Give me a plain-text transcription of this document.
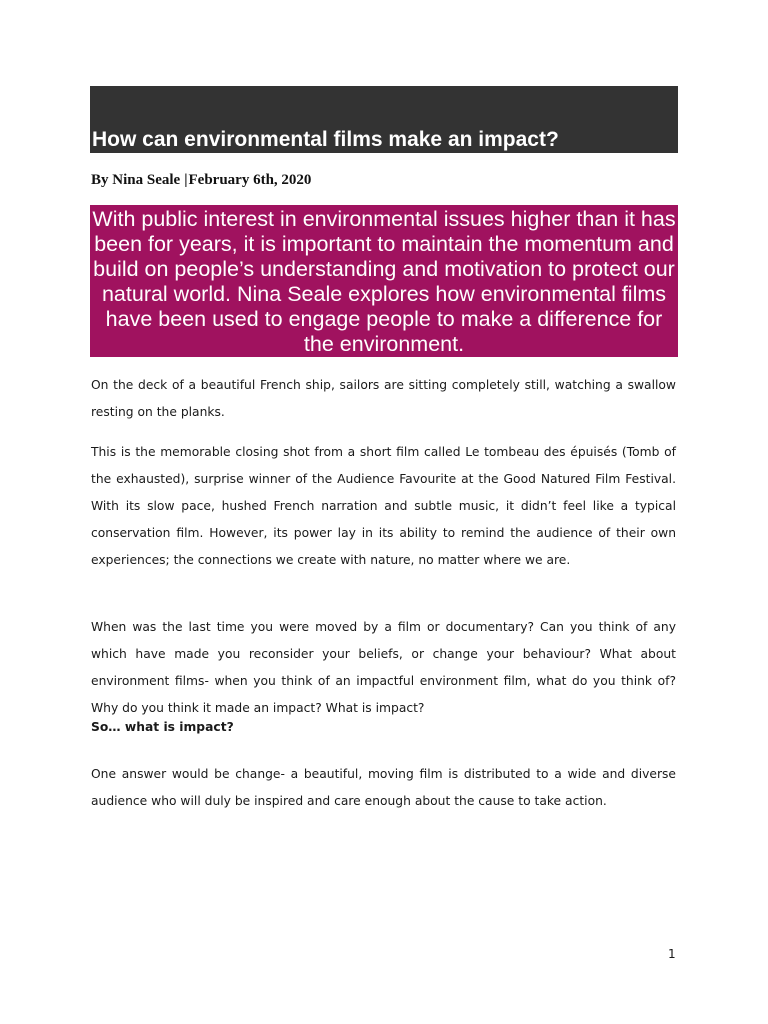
How can environmental films make an impact?
By Nina Seale |February 6th, 2020
With public interest in environmental issues higher than it has been for years, it is important to maintain the momentum and build on people’s understanding and motivation to protect our natural world. Nina Seale explores how environmental films have been used to engage people to make a difference for the environment.

On the deck of a beautiful French ship, sailors are sitting completely still, watching a swallow resting on the planks.

This is the memorable closing shot from a short film called Le tombeau des épuisés (Tomb of the exhausted), surprise winner of the Audience Favourite at the Good Natured Film Festival. With its slow pace, hushed French narration and subtle music, it didn’t feel like a typical conservation film. However, its power lay in its ability to remind the audience of their own experiences; the connections we create with nature, no matter where we are.

When was the last time you were moved by a film or documentary? Can you think of any which have made you reconsider your beliefs, or change your behaviour? What about environment films- when you think of an impactful environment film, what do you think of? Why do you think it made an impact? What is impact?

So… what is impact?

One answer would be change- a beautiful, moving film is distributed to a wide and diverse audience who will duly be inspired and care enough about the cause to take action.

1
